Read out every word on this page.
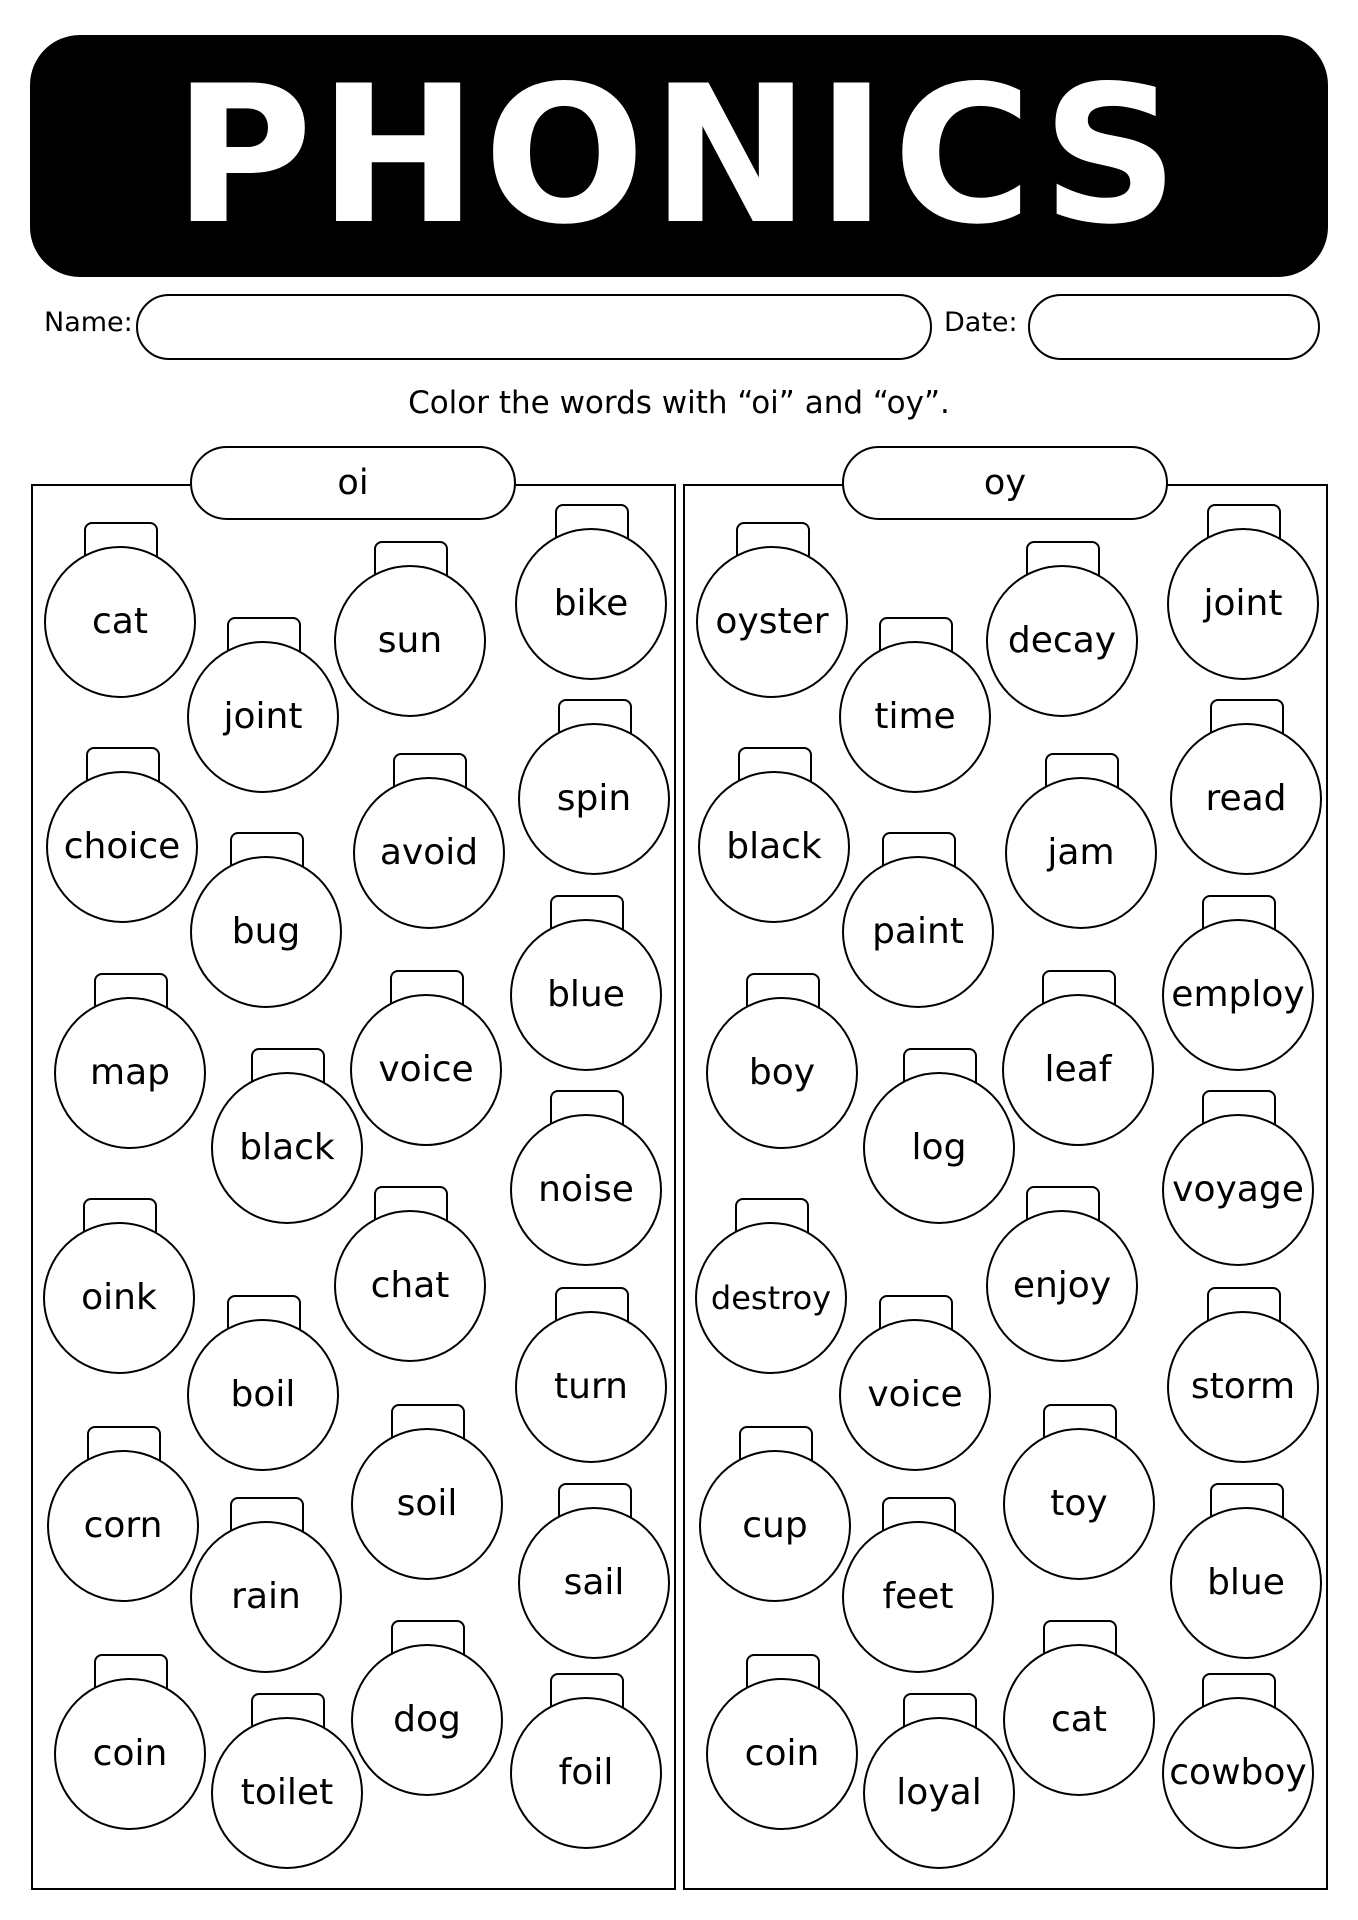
PHONICS
Name:	Date:
Color the words with “oi” and “oy”.
oi	oy
cat	sun
bike
joint
choice	avoid
spin
bug
blue
map	voice
black
noise
oink	chat
boil	turn
corn
soil
rain	sail
coin
dog
toilet	foil
oyster	decay
joint
time
black	jam
read
paint
employ
boy	leaf
log
voyage
destroy	enjoy
voice	storm
cup
toy
feet	blue
coin
cat
loyal	cowboy
